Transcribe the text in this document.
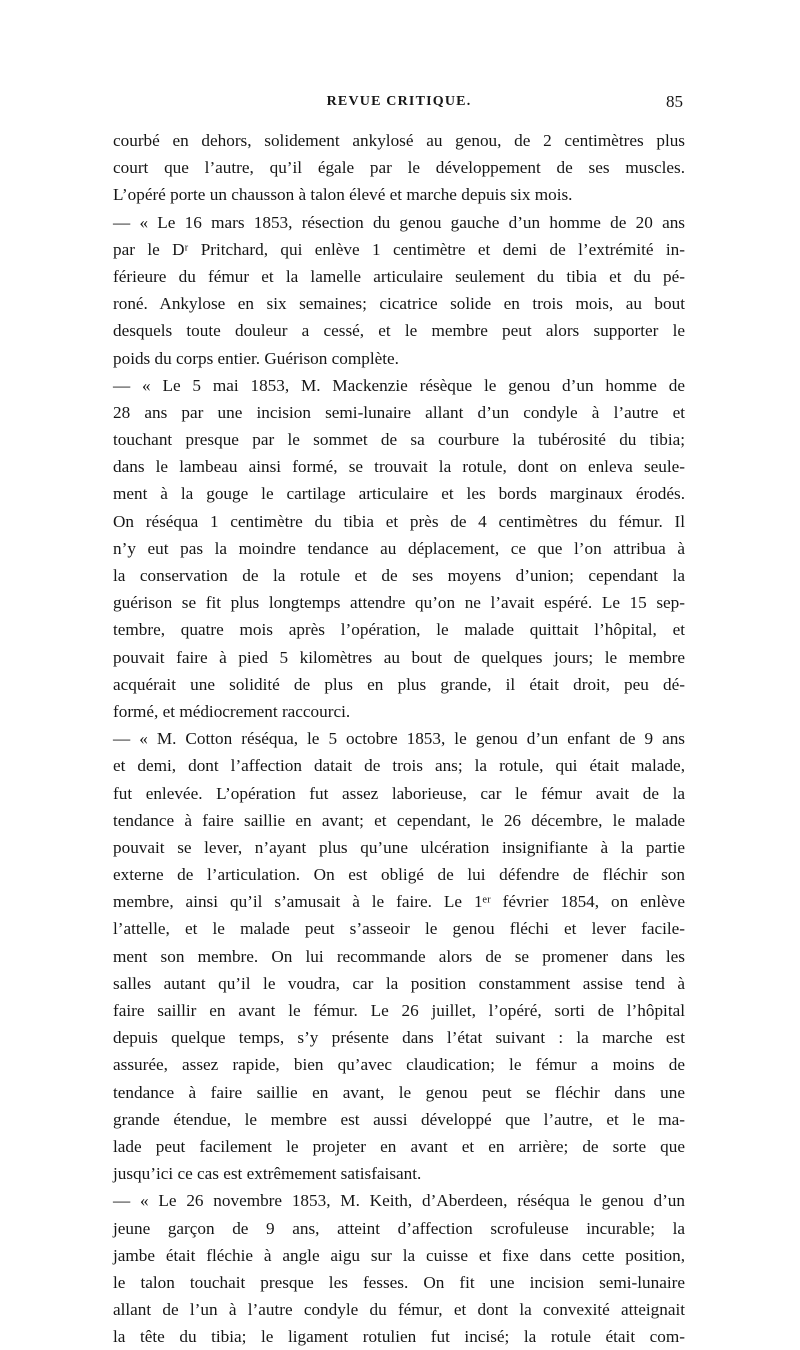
REVUE CRITIQUE.	85
courbé en dehors, solidement ankylosé au genou, de 2 centimètres plus
court que l’autre, qu’il égale par le développement de ses muscles.
L’opéré porte un chausson à talon élevé et marche depuis six mois.
— « Le 16 mars 1853, résection du genou gauche d’un homme de 20 ans
par le Dʳ Pritchard, qui enlève 1 centimètre et demi de l’extrémité in-
férieure du fémur et la lamelle articulaire seulement du tibia et du pé-
roné. Ankylose en six semaines; cicatrice solide en trois mois, au bout
desquels toute douleur a cessé, et le membre peut alors supporter le
poids du corps entier. Guérison complète.
— « Le 5 mai 1853, M. Mackenzie résèque le genou d’un homme de
28 ans par une incision semi-lunaire allant d’un condyle à l’autre et
touchant presque par le sommet de sa courbure la tubérosité du tibia;
dans le lambeau ainsi formé, se trouvait la rotule, dont on enleva seule-
ment à la gouge le cartilage articulaire et les bords marginaux érodés.
On réséqua 1 centimètre du tibia et près de 4 centimètres du fémur. Il
n’y eut pas la moindre tendance au déplacement, ce que l’on attribua à
la conservation de la rotule et de ses moyens d’union; cependant la
guérison se fit plus longtemps attendre qu’on ne l’avait espéré. Le 15 sep-
tembre, quatre mois après l’opération, le malade quittait l’hôpital, et
pouvait faire à pied 5 kilomètres au bout de quelques jours; le membre
acquérait une solidité de plus en plus grande, il était droit, peu dé-
formé, et médiocrement raccourci.
— « M. Cotton réséqua, le 5 octobre 1853, le genou d’un enfant de 9 ans
et demi, dont l’affection datait de trois ans; la rotule, qui était malade,
fut enlevée. L’opération fut assez laborieuse, car le fémur avait de la
tendance à faire saillie en avant; et cependant, le 26 décembre, le malade
pouvait se lever, n’ayant plus qu’une ulcération insignifiante à la partie
externe de l’articulation. On est obligé de lui défendre de fléchir son
membre, ainsi qu’il s’amusait à le faire. Le 1ᵉʳ février 1854, on enlève
l’attelle, et le malade peut s’asseoir le genou fléchi et lever facile-
ment son membre. On lui recommande alors de se promener dans les
salles autant qu’il le voudra, car la position constamment assise tend à
faire saillir en avant le fémur. Le 26 juillet, l’opéré, sorti de l’hôpital
depuis quelque temps, s’y présente dans l’état suivant : la marche est
assurée, assez rapide, bien qu’avec claudication; le fémur a moins de
tendance à faire saillie en avant, le genou peut se fléchir dans une
grande étendue, le membre est aussi développé que l’autre, et le ma-
lade peut facilement le projeter en avant et en arrière; de sorte que
jusqu’ici ce cas est extrêmement satisfaisant.
— « Le 26 novembre 1853, M. Keith, d’Aberdeen, réséqua le genou d’un
jeune garçon de 9 ans, atteint d’affection scrofuleuse incurable; la
jambe était fléchie à angle aigu sur la cuisse et fixe dans cette position,
le talon touchait presque les fesses. On fit une incision semi-lunaire
allant de l’un à l’autre condyle du fémur, et dont la convexité atteignait
la tête du tibia; le ligament rotulien fut incisé; la rotule était com-
